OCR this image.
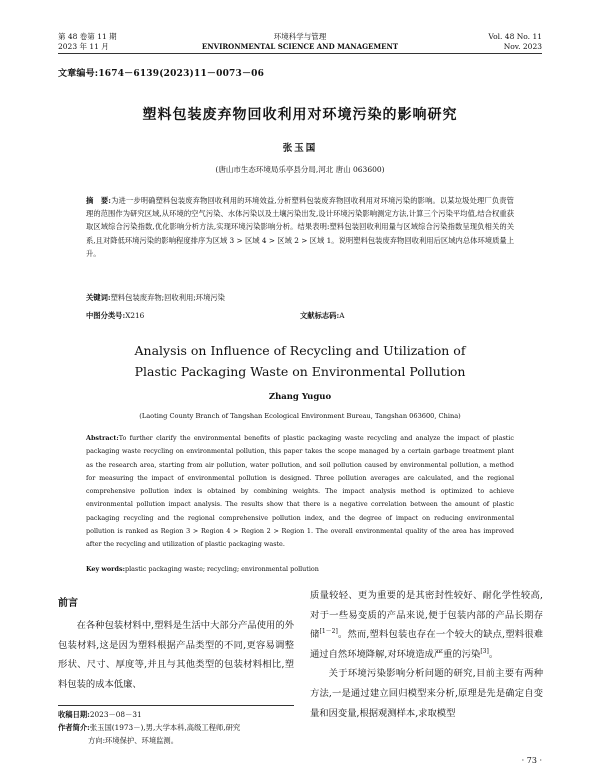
第 48 卷第 11 期
2023 年 11 月
环境科学与管理
ENVIRONMENTAL SCIENCE AND MANAGEMENT
Vol. 48 No. 11
Nov. 2023
文章编号:1674－6139(2023)11－0073－06
塑料包装废弃物回收利用对环境污染的影响研究
张玉国
(唐山市生态环境局乐亭县分局,河北 唐山 063600)
摘　要:为进一步明确塑料包装废弃物回收利用的环境效益,分析塑料包装废弃物回收利用对环境污染的影响。以某垃圾处理厂负责管理的范围作为研究区域,从环境的空气污染、水体污染以及土壤污染出发,设计环境污染影响测定方法,计算三个污染平均值,结合权重获取区域综合污染指数,优化影响分析方法,实现环境污染影响分析。结果表明:塑料包装回收利用量与区域综合污染指数呈现负相关的关系,且对降低环境污染的影响程度排序为区域 3 > 区域 4 > 区域 2 > 区域 1。说明塑料包装废弃物回收利用后区域内总体环境质量上升。
关键词:塑料包装废弃物;回收利用;环境污染
中图分类号:X216	文献标志码:A
Analysis on Influence of Recycling and Utilization of
Plastic Packaging Waste on Environmental Pollution
Zhang Yuguo
(Laoting County Branch of Tangshan Ecological Environment Bureau, Tangshan 063600, China)
Abstract:To further clarify the environmental benefits of plastic packaging waste recycling and analyze the impact of plastic packaging waste recycling on environmental pollution, this paper takes the scope managed by a certain garbage treatment plant as the research area, starting from air pollution, water pollution, and soil pollution caused by environmental pollution, a method for measuring the impact of environmental pollution is designed. Three pollution averages are calculated, and the regional comprehensive pollution index is obtained by combining weights. The impact analysis method is optimized to achieve environmental pollution impact analysis. The results show that there is a negative correlation between the amount of plastic packaging recycling and the regional comprehensive pollution index, and the degree of impact on reducing environmental pollution is ranked as Region 3 > Region 4 > Region 2 > Region 1. The overall environmental quality of the area has improved after the recycling and utilization of plastic packaging waste.
Key words:plastic packaging waste; recycling; environmental pollution
前言
在各种包装材料中,塑料是生活中大部分产品使用的外包装材料,这是因为塑料根据产品类型的不同,更容易调整形状、尺寸、厚度等,并且与其他类型的包装材料相比,塑料包装的成本低廉、

质量较轻、更为重要的是其密封性较好、耐化学性较高,对于一些易变质的产品来说,便于包装内部的产品长期存储[1－2]。然而,塑料包装也存在一个较大的缺点,塑料很难通过自然环境降解,对环境造成严重的污染[3]。

关于环境污染影响分析问题的研究,目前主要有两种方法,一是通过建立回归模型来分析,原理是先是确定自变量和因变量,根据观测样本,求取模型

收稿日期:2023－08－31
作者简介:张玉国(1973－),男,大学本科,高级工程师,研究
方向:环境保护、环境监测。
· 73 ·
